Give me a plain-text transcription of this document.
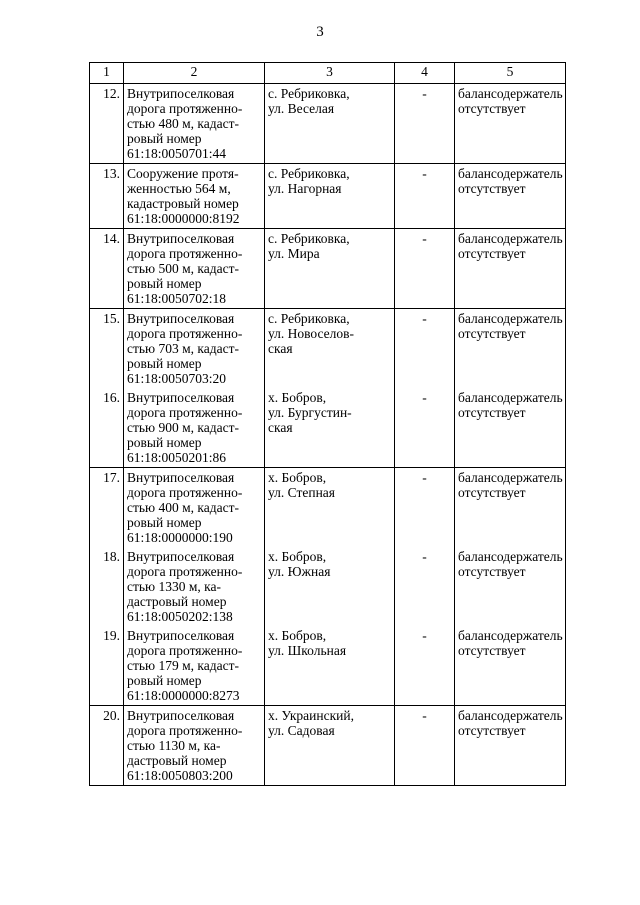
3
1	2	3	4	5
12.	Внутрипоселковая
дорога протяженно-
стью 480 м, кадаст-
ровый номер
61:18:0050701:44	с. Ребриковка,
ул. Веселая	-	балансодержатель
отсутствует

13.	Сооружение протя-
женностью 564 м,
кадастровый номер
61:18:0000000:8192	с. Ребриковка,
ул. Нагорная	-	балансодержатель
отсутствует

14.	Внутрипоселковая
дорога протяженно-
стью 500 м, кадаст-
ровый номер
61:18:0050702:18	с. Ребриковка,
ул. Мира	-	балансодержатель
отсутствует

15.	Внутрипоселковая
дорога протяженно-
стью 703 м, кадаст-
ровый номер
61:18:0050703:20	с. Ребриковка,
ул. Новоселов-
ская	-	балансодержатель
отсутствует

16.	Внутрипоселковая
дорога протяженно-
стью 900 м, кадаст-
ровый номер
61:18:0050201:86	х. Бобров,
ул. Бургустин-
ская	-	балансодержатель
отсутствует

17.	Внутрипоселковая
дорога протяженно-
стью 400 м, кадаст-
ровый номер
61:18:0000000:190	х. Бобров,
ул. Степная	-	балансодержатель
отсутствует

18.	Внутрипоселковая
дорога протяженно-
стью 1330 м, ка-
дастровый номер
61:18:0050202:138	х. Бобров,
ул. Южная	-	балансодержатель
отсутствует

19.	Внутрипоселковая
дорога протяженно-
стью 179 м, кадаст-
ровый номер
61:18:0000000:8273	х. Бобров,
ул. Школьная	-	балансодержатель
отсутствует

20.	Внутрипоселковая
дорога протяженно-
стью 1130 м, ка-
дастровый номер
61:18:0050803:200	х. Украинский,
ул. Садовая	-	балансодержатель
отсутствует
